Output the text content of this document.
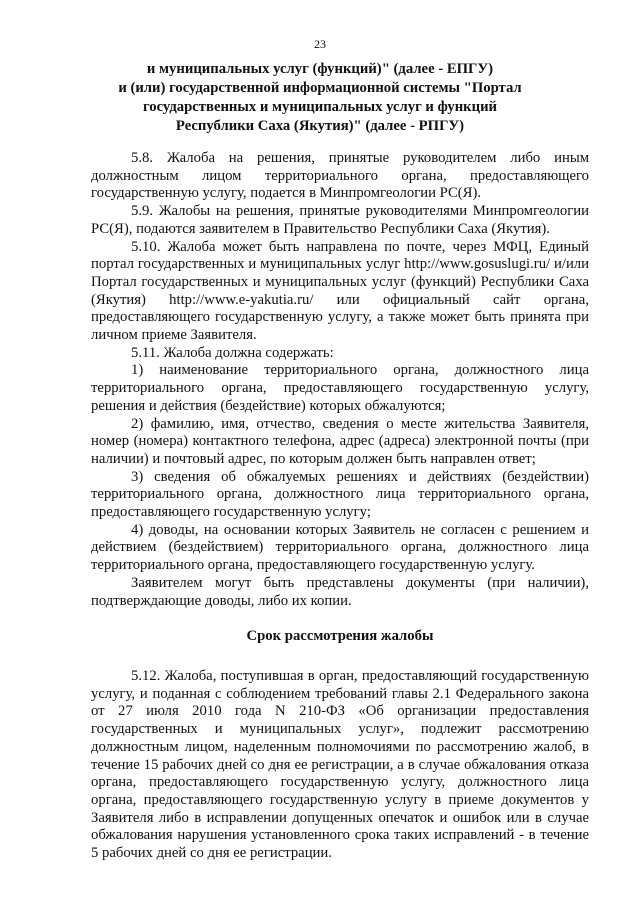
23
и муниципальных услуг (функций)" (далее - ЕПГУ)
и (или) государственной информационной системы "Портал
государственных и муниципальных услуг и функций
Республики Саха (Якутия)" (далее - РПГУ)

5.8. Жалоба на решения, принятые руководителем либо иным должностным лицом территориального органа, предоставляющего государственную услугу, подается в Минпромгеологии РС(Я).

5.9. Жалобы на решения, принятые руководителями Минпромгеологии РС(Я), подаются заявителем в Правительство Республики Саха (Якутия).

5.10. Жалоба может быть направлена по почте, через МФЦ, Единый портал государственных и муниципальных услуг http://www.gosuslugi.ru/ и/или Портал государственных и муниципальных услуг (функций) Республики Саха (Якутия) http://www.e-yakutia.ru/ или официальный сайт органа, предоставляющего государственную услугу, а также может быть принята при личном приеме Заявителя.

5.11. Жалоба должна содержать:

1) наименование территориального органа, должностного лица территориального органа, предоставляющего государственную услугу, решения и действия (бездействие) которых обжалуются;

2) фамилию, имя, отчество, сведения о месте жительства Заявителя, номер (номера) контактного телефона, адрес (адреса) электронной почты (при наличии) и почтовый адрес, по которым должен быть направлен ответ;

3) сведения об обжалуемых решениях и действиях (бездействии) территориального органа, должностного лица территориального органа, предоставляющего государственную услугу;

4) доводы, на основании которых Заявитель не согласен с решением и действием (бездействием) территориального органа, должностного лица территориального органа, предоставляющего государственную услугу.

Заявителем могут быть представлены документы (при наличии), подтверждающие доводы, либо их копии.

Срок рассмотрения жалобы

5.12. Жалоба, поступившая в орган, предоставляющий государственную услугу, и поданная с соблюдением требований главы 2.1 Федерального закона от 27 июля 2010 года N 210-ФЗ «Об организации предоставления государственных и муниципальных услуг», подлежит рассмотрению должностным лицом, наделенным полномочиями по рассмотрению жалоб, в течение 15 рабочих дней со дня ее регистрации, а в случае обжалования отказа органа, предоставляющего государственную услугу, должностного лица органа, предоставляющего государственную услугу в приеме документов у Заявителя либо в исправлении допущенных опечаток и ошибок или в случае обжалования нарушения установленного срока таких исправлений - в течение 5 рабочих дней со дня ее регистрации.
